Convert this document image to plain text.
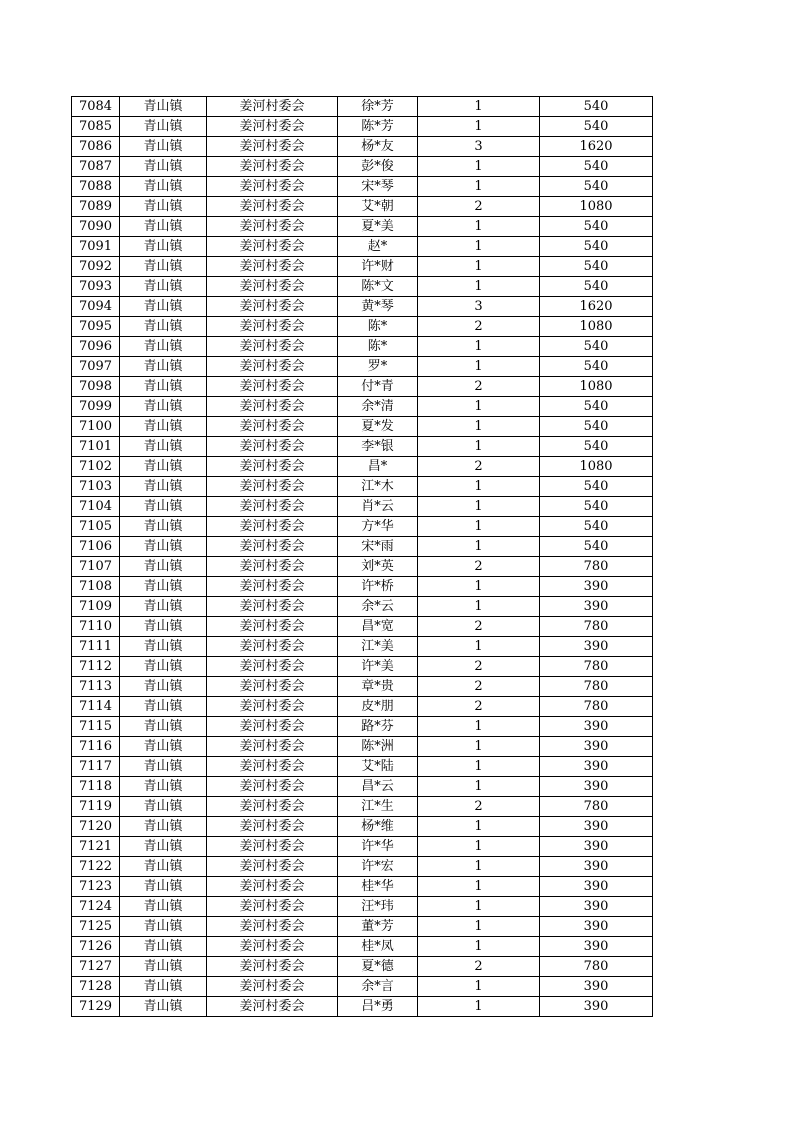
7084	青山镇	姜河村委会	徐*芳	1	540
7085	青山镇	姜河村委会	陈*芳	1	540
7086	青山镇	姜河村委会	杨*友	3	1620
7087	青山镇	姜河村委会	彭*俊	1	540
7088	青山镇	姜河村委会	宋*琴	1	540
7089	青山镇	姜河村委会	艾*朝	2	1080
7090	青山镇	姜河村委会	夏*美	1	540
7091	青山镇	姜河村委会	赵*	1	540
7092	青山镇	姜河村委会	许*财	1	540
7093	青山镇	姜河村委会	陈*文	1	540
7094	青山镇	姜河村委会	黄*琴	3	1620
7095	青山镇	姜河村委会	陈*	2	1080
7096	青山镇	姜河村委会	陈*	1	540
7097	青山镇	姜河村委会	罗*	1	540
7098	青山镇	姜河村委会	付*青	2	1080
7099	青山镇	姜河村委会	余*清	1	540
7100	青山镇	姜河村委会	夏*发	1	540
7101	青山镇	姜河村委会	李*银	1	540
7102	青山镇	姜河村委会	昌*	2	1080
7103	青山镇	姜河村委会	江*木	1	540
7104	青山镇	姜河村委会	肖*云	1	540
7105	青山镇	姜河村委会	方*华	1	540
7106	青山镇	姜河村委会	宋*雨	1	540
7107	青山镇	姜河村委会	刘*英	2	780
7108	青山镇	姜河村委会	许*桥	1	390
7109	青山镇	姜河村委会	余*云	1	390
7110	青山镇	姜河村委会	昌*宽	2	780
7111	青山镇	姜河村委会	江*美	1	390
7112	青山镇	姜河村委会	许*美	2	780
7113	青山镇	姜河村委会	章*贵	2	780
7114	青山镇	姜河村委会	皮*朋	2	780
7115	青山镇	姜河村委会	路*芬	1	390
7116	青山镇	姜河村委会	陈*洲	1	390
7117	青山镇	姜河村委会	艾*陆	1	390
7118	青山镇	姜河村委会	昌*云	1	390
7119	青山镇	姜河村委会	江*生	2	780
7120	青山镇	姜河村委会	杨*维	1	390
7121	青山镇	姜河村委会	许*华	1	390
7122	青山镇	姜河村委会	许*宏	1	390
7123	青山镇	姜河村委会	桂*华	1	390
7124	青山镇	姜河村委会	汪*玮	1	390
7125	青山镇	姜河村委会	董*芳	1	390
7126	青山镇	姜河村委会	桂*凤	1	390
7127	青山镇	姜河村委会	夏*德	2	780
7128	青山镇	姜河村委会	余*言	1	390
7129	青山镇	姜河村委会	吕*勇	1	390
